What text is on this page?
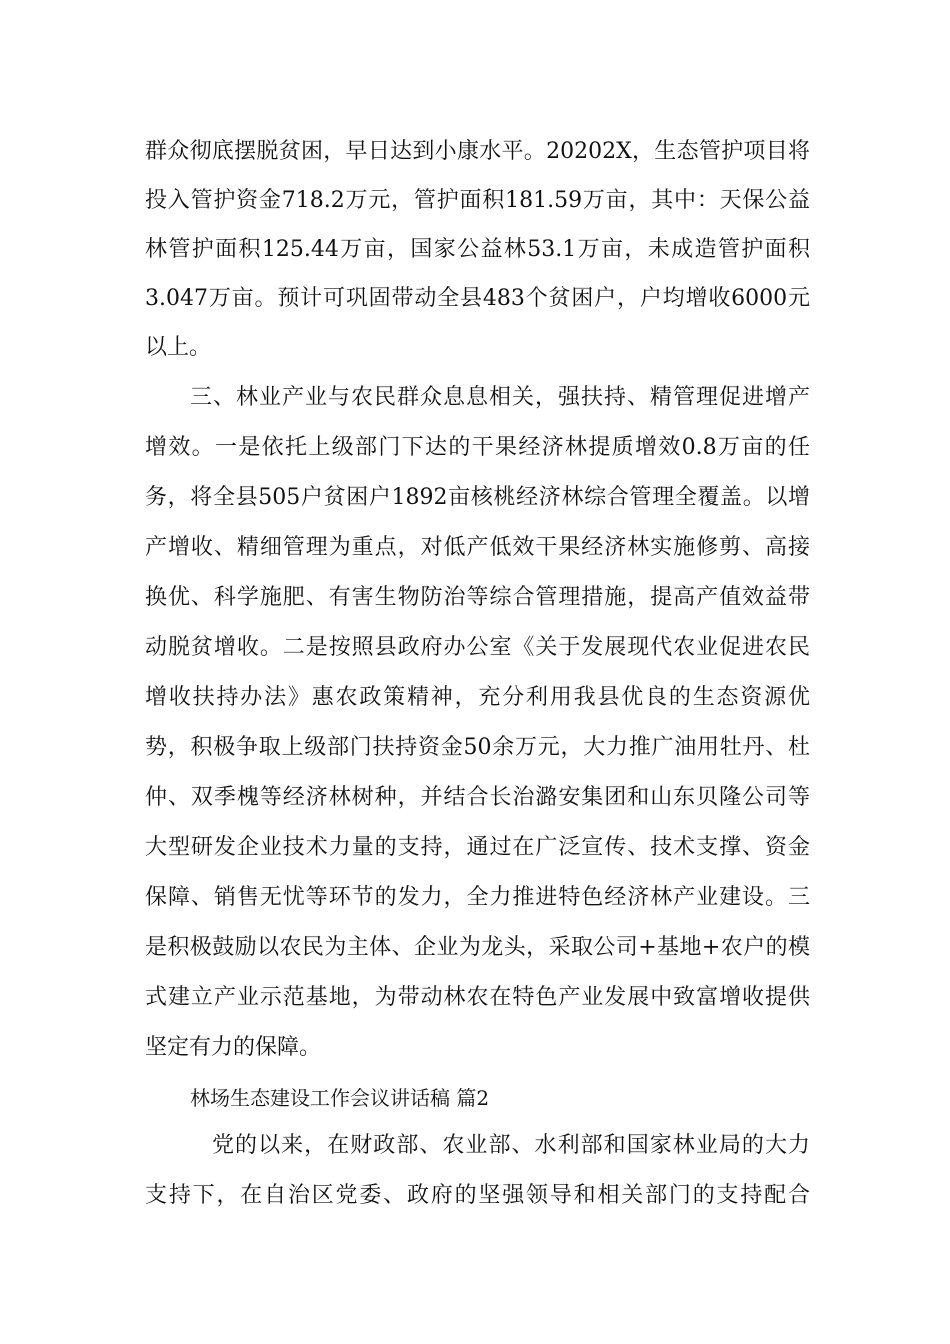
群众彻底摆脱贫困，早日达到小康水平。20202X，生态管护项目将
投入管护资金718.2万元，管护面积181.59万亩，其中：天保公益
林管护面积125.44万亩，国家公益林53.1万亩，未成造管护面积
3.047万亩。预计可巩固带动全县483个贫困户，户均增收6000元
以上。
三、林业产业与农民群众息息相关，强扶持、精管理促进增产
增效。一是依托上级部门下达的干果经济林提质增效0.8万亩的任
务，将全县505户贫困户1892亩核桃经济林综合管理全覆盖。以增
产增收、精细管理为重点，对低产低效干果经济林实施修剪、高接
换优、科学施肥、有害生物防治等综合管理措施，提高产值效益带
动脱贫增收。二是按照县政府办公室《关于发展现代农业促进农民
增收扶持办法》惠农政策精神，充分利用我县优良的生态资源优
势，积极争取上级部门扶持资金50余万元，大力推广油用牡丹、杜
仲、双季槐等经济林树种，并结合长治潞安集团和山东贝隆公司等
大型研发企业技术力量的支持，通过在广泛宣传、技术支撑、资金
保障、销售无忧等环节的发力，全力推进特色经济林产业建设。三
是积极鼓励以农民为主体、企业为龙头，采取公司+基地+农户的模
式建立产业示范基地，为带动林农在特色产业发展中致富增收提供
坚定有力的保障。
林场生态建设工作会议讲话稿 篇2
党的以来，在财政部、农业部、水利部和国家林业局的大力
支持下，在自治区党委、政府的坚强领导和相关部门的支持配合
